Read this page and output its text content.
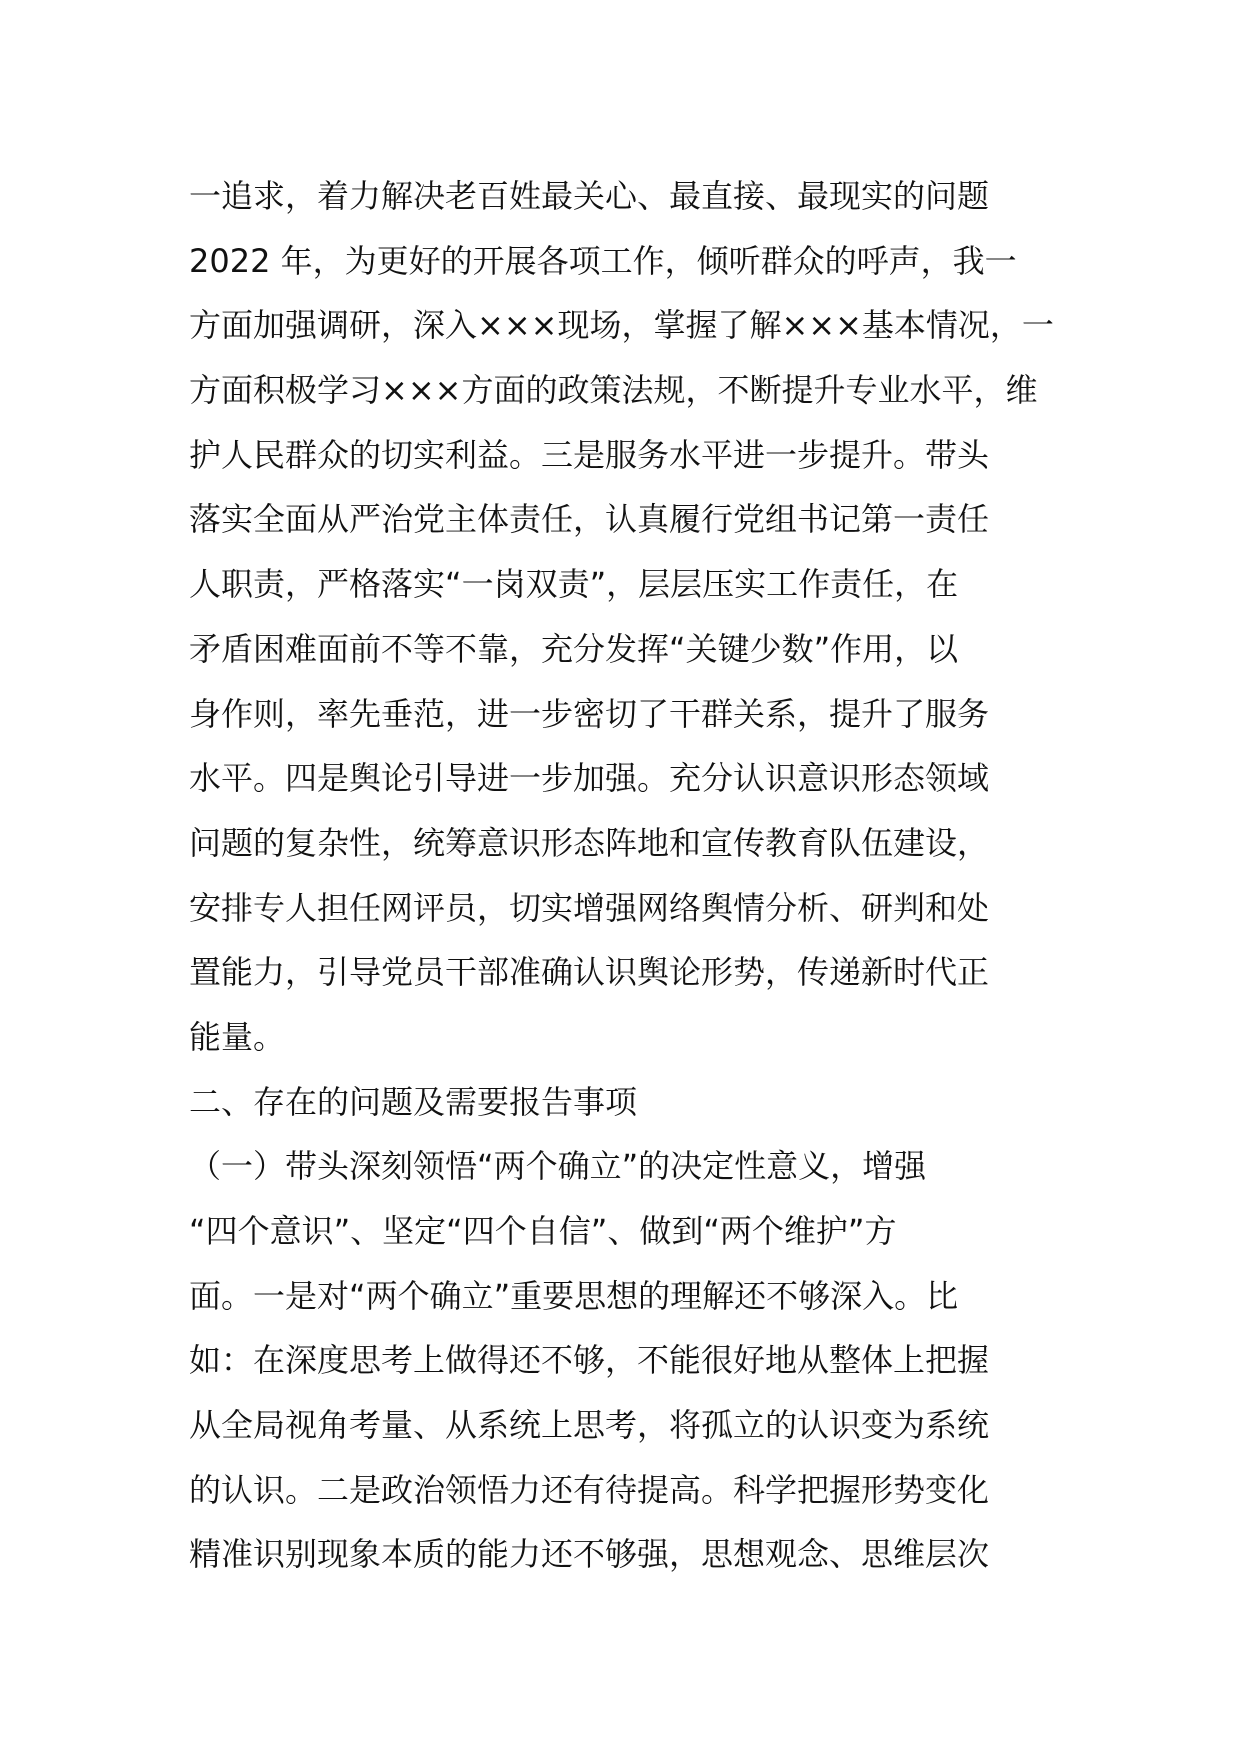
一追求，着力解决老百姓最关心、最直接、最现实的问题
2022 年，为更好的开展各项工作，倾听群众的呼声，我一
方面加强调研，深入×××现场，掌握了解×××基本情况，一
方面积极学习×××方面的政策法规，不断提升专业水平，维
护人民群众的切实利益。三是服务水平进一步提升。带头
落实全面从严治党主体责任，认真履行党组书记第一责任
人职责，严格落实“一岗双责”，层层压实工作责任，在
矛盾困难面前不等不靠，充分发挥“关键少数”作用，以
身作则，率先垂范，进一步密切了干群关系，提升了服务
水平。四是舆论引导进一步加强。充分认识意识形态领域
问题的复杂性，统筹意识形态阵地和宣传教育队伍建设，
安排专人担任网评员，切实增强网络舆情分析、研判和处
置能力，引导党员干部准确认识舆论形势，传递新时代正
能量。
二、存在的问题及需要报告事项
（一）带头深刻领悟“两个确立”的决定性意义，增强
“四个意识”、坚定“四个自信”、做到“两个维护”方
面。一是对“两个确立”重要思想的理解还不够深入。比
如：在深度思考上做得还不够，不能很好地从整体上把握
从全局视角考量、从系统上思考，将孤立的认识变为系统
的认识。二是政治领悟力还有待提高。科学把握形势变化
精准识别现象本质的能力还不够强，思想观念、思维层次
